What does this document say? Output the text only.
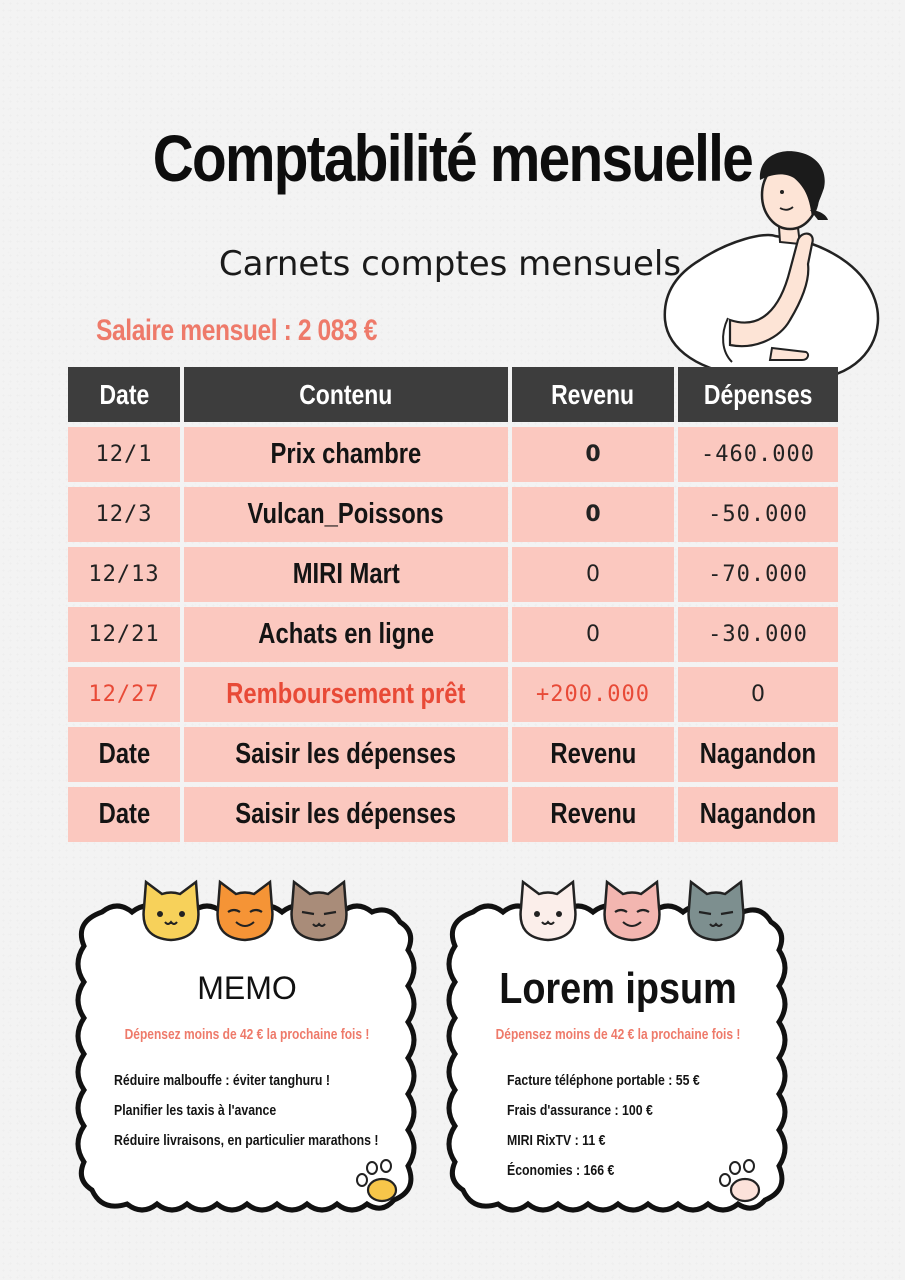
Comptabilité mensuelle
Carnets comptes mensuels
Salaire mensuel : 2 083 €
Date	Contenu	Revenu	Dépenses
12/1	Prix chambre	0	-460.000
12/3	Vulcan_Poissons	0	-50.000
12/13	MIRI Mart	0	-70.000
12/21	Achats en ligne	0	-30.000
12/27	Remboursement prêt	+200.000	0
Date	Saisir les dépenses	Revenu	Nagandon
Date	Saisir les dépenses	Revenu	Nagandon
MEMO
Dépensez moins de 42 € la prochaine fois !
Réduire malbouffe : éviter tanghuru !
Planifier les taxis à l'avance
Réduire livraisons, en particulier marathons !
Lorem ipsum
Dépensez moins de 42 € la prochaine fois !
Facture téléphone portable : 55 €
Frais d'assurance : 100 €
MIRI RixTV : 11 €
Économies : 166 €
